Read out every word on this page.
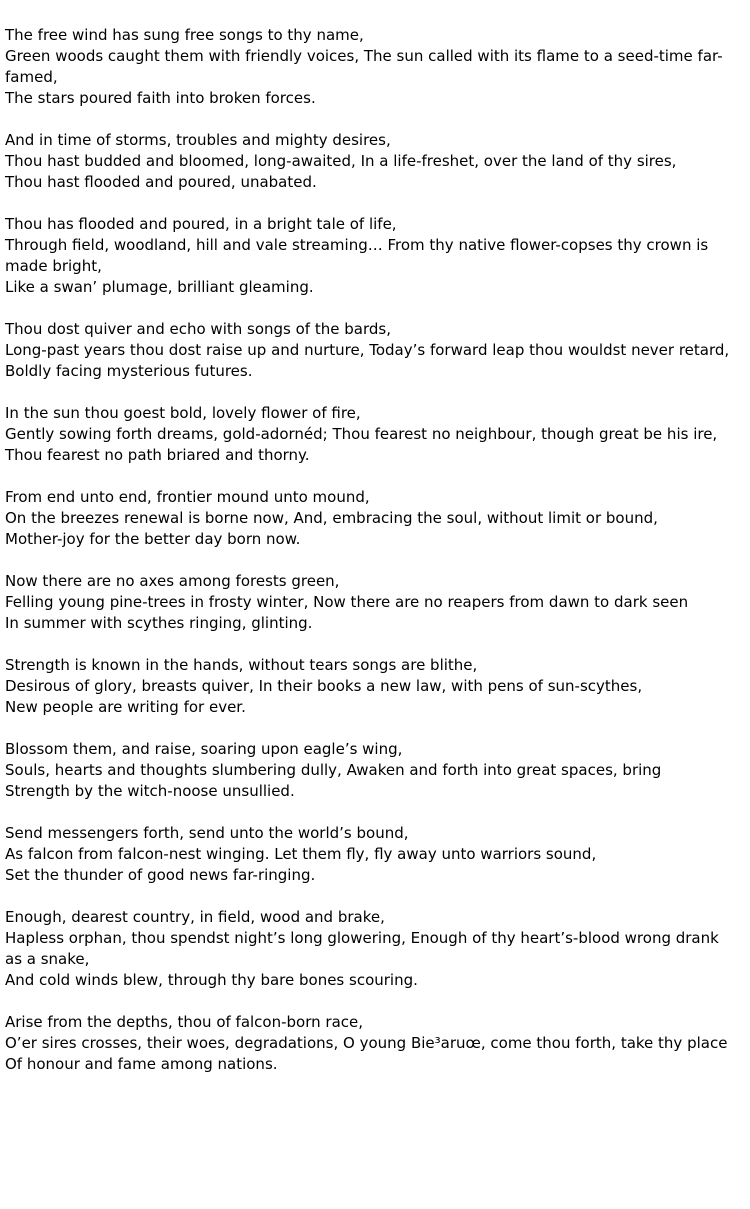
The free wind has sung free songs to thy name,
Green woods caught them with friendly voices, The sun called with its flame to a seed-time far-famed,
The stars poured faith into broken forces.
And in time of storms, troubles and mighty desires,
Thou hast budded and bloomed, long-awaited, In a life-freshet, over the land of thy sires,
Thou hast flooded and poured, unabated.
Thou has flooded and poured, in a bright tale of life,
Through field, woodland, hill and vale streaming… From thy native flower-copses thy crown is made bright,
Like a swan’ plumage, brilliant gleaming.
Thou dost quiver and echo with songs of the bards,
Long-past years thou dost raise up and nurture, Today’s forward leap thou wouldst never retard,
Boldly facing mysterious futures.
In the sun thou goest bold, lovely flower of fire,
Gently sowing forth dreams, gold-adornéd; Thou fearest no neighbour, though great be his ire,
Thou fearest no path briared and thorny.
From end unto end, frontier mound unto mound,
On the breezes renewal is borne now, And, embracing the soul, without limit or bound,
Mother-joy for the better day born now.
Now there are no axes among forests green,
Felling young pine-trees in frosty winter, Now there are no reapers from dawn to dark seen
In summer with scythes ringing, glinting.
Strength is known in the hands, without tears songs are blithe,
Desirous of glory, breasts quiver, In their books a new law, with pens of sun-scythes,
New people are writing for ever.
Blossom them, and raise, soaring upon eagle’s wing,
Souls, hearts and thoughts slumbering dully, Awaken and forth into great spaces, bring
Strength by the witch-noose unsullied.
Send messengers forth, send unto the world’s bound,
As falcon from falcon-nest winging. Let them fly, fly away unto warriors sound,
Set the thunder of good news far-ringing.
Enough, dearest country, in field, wood and brake,
Hapless orphan, thou spendst night’s long glowering, Enough of thy heart’s-blood wrong drank as a snake,
And cold winds blew, through thy bare bones scouring.
Arise from the depths, thou of falcon-born race,
O’er sires crosses, their woes, degradations, O young Bie³aruœ, come thou forth, take thy place
Of honour and fame among nations.
